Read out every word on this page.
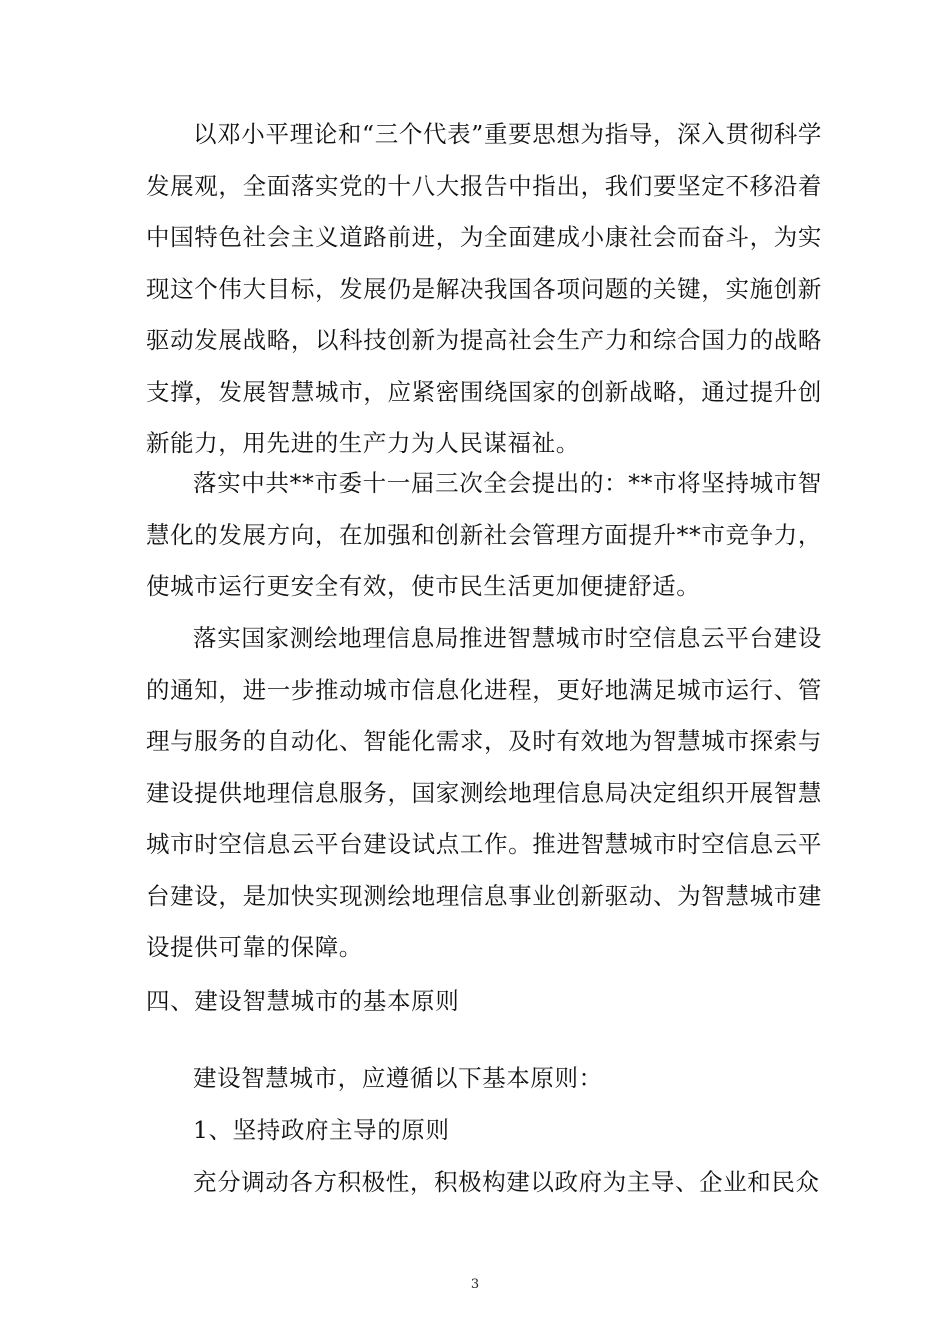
以邓小平理论和“三个代表”重要思想为指导，深入贯彻科学发展观，全面落实党的十八大报告中指出，我们要坚定不移沿着中国特色社会主义道路前进，为全面建成小康社会而奋斗，为实现这个伟大目标，发展仍是解决我国各项问题的关键，实施创新驱动发展战略，以科技创新为提高社会生产力和综合国力的战略支撑，发展智慧城市，应紧密围绕国家的创新战略，通过提升创新能力，用先进的生产力为人民谋福祉。

落实中共**市委十一届三次全会提出的：**市将坚持城市智慧化的发展方向，在加强和创新社会管理方面提升**市竞争力，使城市运行更安全有效，使市民生活更加便捷舒适。

落实国家测绘地理信息局推进智慧城市时空信息云平台建设的通知，进一步推动城市信息化进程，更好地满足城市运行、管理与服务的自动化、智能化需求，及时有效地为智慧城市探索与建设提供地理信息服务，国家测绘地理信息局决定组织开展智慧城市时空信息云平台建设试点工作。推进智慧城市时空信息云平台建设，是加快实现测绘地理信息事业创新驱动、为智慧城市建设提供可靠的保障。

四、建设智慧城市的基本原则

建设智慧城市，应遵循以下基本原则：

1、坚持政府主导的原则

充分调动各方积极性，积极构建以政府为主导、企业和民众

3
